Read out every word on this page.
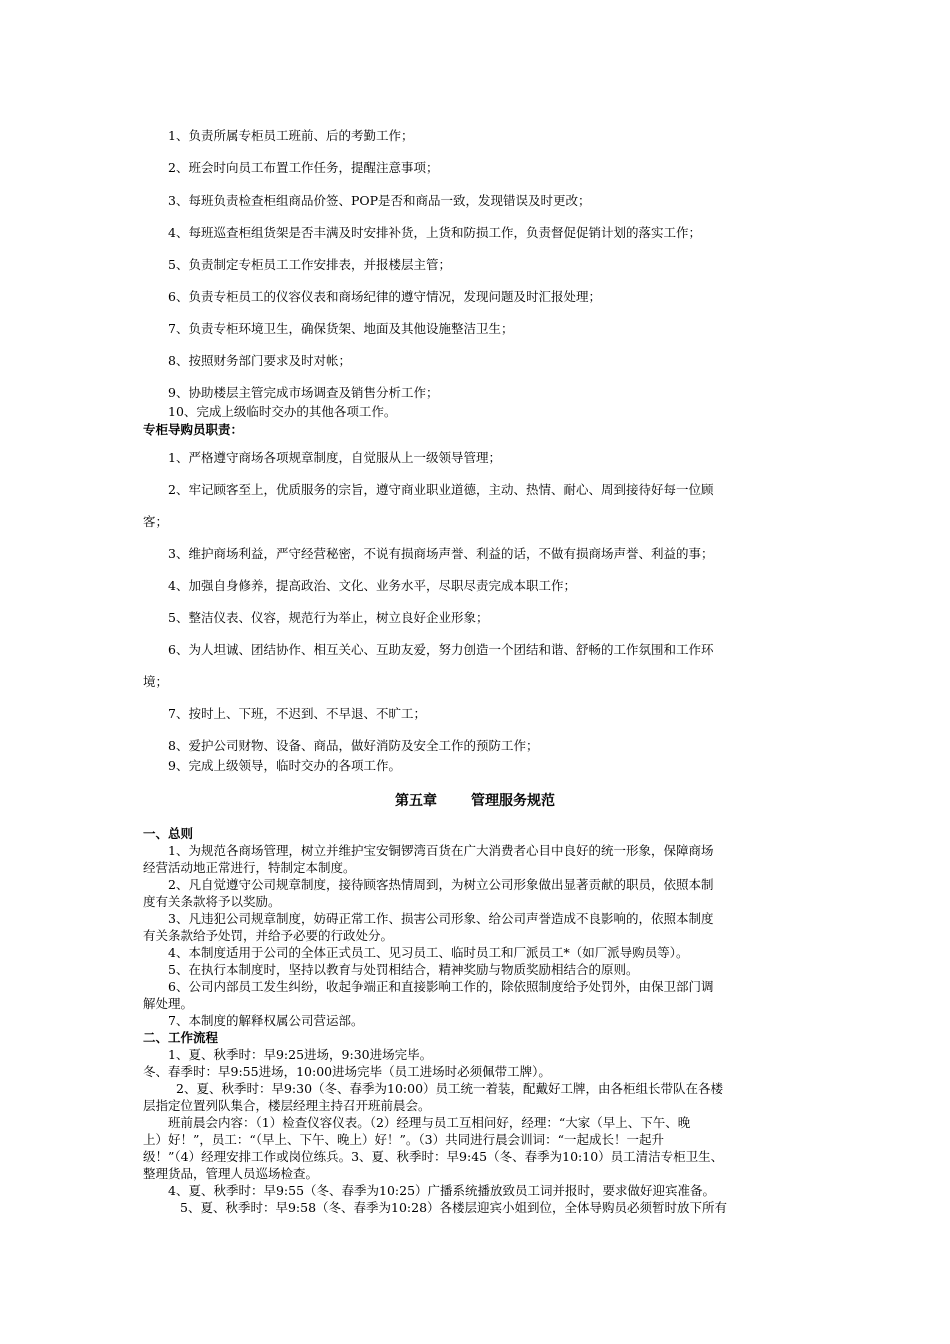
1、负责所属专柜员工班前、后的考勤工作；
2、班会时向员工布置工作任务，提醒注意事项；
3、每班负责检查柜组商品价签、POP是否和商品一致，发现错误及时更改；
4、每班巡查柜组货架是否丰满及时安排补货，上货和防损工作，负责督促促销计划的落实工作；
5、负责制定专柜员工工作安排表，并报楼层主管；
6、负责专柜员工的仪容仪表和商场纪律的遵守情况，发现问题及时汇报处理；
7、负责专柜环境卫生，确保货架、地面及其他设施整洁卫生；
8、按照财务部门要求及时对帐；
9、协助楼层主管完成市场调查及销售分析工作；
10、完成上级临时交办的其他各项工作。
专柜导购员职责：
1、严格遵守商场各项规章制度，自觉服从上一级领导管理；
2、牢记顾客至上，优质服务的宗旨，遵守商业职业道德，主动、热情、耐心、周到接待好每一位顾
客；
3、维护商场利益，严守经营秘密，不说有损商场声誉、利益的话，不做有损商场声誉、利益的事；
4、加强自身修养，提高政治、文化、业务水平，尽职尽责完成本职工作；
5、整洁仪表、仪容，规范行为举止，树立良好企业形象；
6、为人坦诚、团结协作、相互关心、互助友爱，努力创造一个团结和谐、舒畅的工作氛围和工作环
境；
7、按时上、下班，不迟到、不早退、不旷工；
8、爱护公司财物、设备、商品，做好消防及安全工作的预防工作；
9、完成上级领导，临时交办的各项工作。
第五章 管理服务规范
一、总则
1、为规范各商场管理，树立并维护宝安铜锣湾百货在广大消费者心目中良好的统一形象，保障商场
经营活动地正常进行，特制定本制度。
2、凡自觉遵守公司规章制度，接待顾客热情周到，为树立公司形象做出显著贡献的职员，依照本制
度有关条款将予以奖励。
3、凡违犯公司规章制度，妨碍正常工作、损害公司形象、给公司声誉造成不良影响的，依照本制度
有关条款给予处罚，并给予必要的行政处分。
4、本制度适用于公司的全体正式员工、见习员工、临时员工和厂派员工*（如厂派导购员等）。
5、在执行本制度时，坚持以教育与处罚相结合，精神奖励与物质奖励相结合的原则。
6、公司内部员工发生纠纷，收起争端正和直接影响工作的，除依照制度给予处罚外，由保卫部门调
解处理。
7、本制度的解释权属公司营运部。
二、工作流程
1、夏、秋季时：早9:25进场，9:30进场完毕。
冬、春季时：早9:55进场，10:00进场完毕（员工进场时必须佩带工牌）。
2、夏、秋季时：早9:30（冬、春季为10:00）员工统一着装，配戴好工牌，由各柜组长带队在各楼
层指定位置列队集合，楼层经理主持召开班前晨会。
班前晨会内容：（1）检查仪容仪表。（2）经理与员工互相问好，经理：“大家（早上、下午、晚
上）好！”，员工：“（早上、下午、晚上）好！”。（3）共同进行晨会训词：“一起成长！一起升
级！”（4）经理安排工作或岗位练兵。3、夏、秋季时：早9:45（冬、春季为10:10）员工清洁专柜卫生、
整理货品，管理人员巡场检查。
4、夏、秋季时：早9:55（冬、春季为10:25）广播系统播放致员工词并报时，要求做好迎宾准备。
5、夏、秋季时：早9:58（冬、春季为10:28）各楼层迎宾小姐到位，全体导购员必须暂时放下所有
